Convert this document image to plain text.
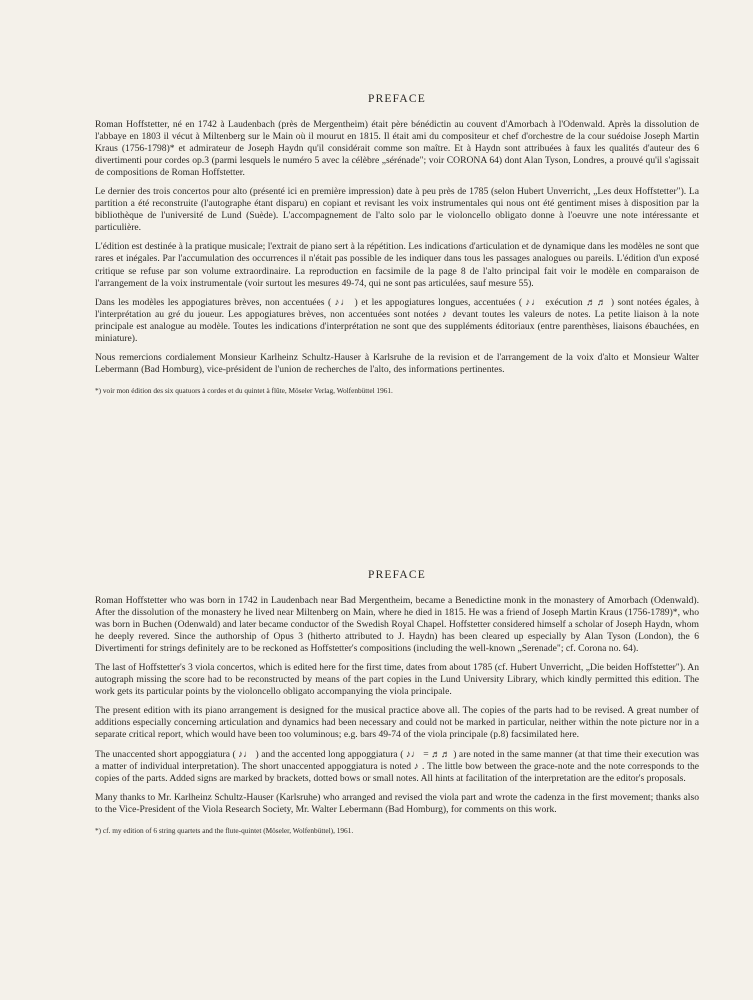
PREFACE

Roman Hoffstetter, né en 1742 à Laudenbach (près de Mergentheim) était père bénédictin au couvent d'Amorbach à l'Odenwald. Après la dissolution de l'abbaye en 1803 il vécut à Miltenberg sur le Main où il mourut en 1815. Il était ami du compositeur et chef d'orchestre de la cour suédoise Joseph Martin Kraus (1756-1798)* et admirateur de Joseph Haydn qu'il considérait comme son maître. Et à Haydn sont attribuées à faux les qualités d'auteur des 6 divertimenti pour cordes op.3 (parmi lesquels le numéro 5 avec la célèbre „sérénade"; voir CORONA 64) dont Alan Tyson, Londres, a prouvé qu'il s'agissait de compositions de Roman Hoffstetter.

Le dernier des trois concertos pour alto (présenté ici en première impression) date à peu près de 1785 (selon Hubert Unverricht, „Les deux Hoffstetter"). La partition a été reconstruite (l'autographe étant disparu) en copiant et revisant les voix instrumentales qui nous ont été gentiment mises à disposition par la bibliothèque de l'université de Lund (Suède). L'accompagnement de l'alto solo par le violoncello obligato donne à l'oeuvre une note intéressante et particulière.

L'édition est destinée à la pratique musicale; l'extrait de piano sert à la répétition. Les indications d'articulation et de dynamique dans les modèles ne sont que rares et inégales. Par l'accumulation des occurrences il n'était pas possible de les indiquer dans tous les passages analogues ou pareils. L'édition d'un exposé critique se refuse par son volume extraordinaire. La reproduction en facsimile de la page 8 de l'alto principal fait voir le modèle en comparaison de l'arrangement de la voix instrumentale (voir surtout les mesures 49-74, qui ne sont pas articulées, sauf mesure 55).

Dans les modèles les appogiatures brèves, non accentuées ( ♪♩ ) et les appogiatures longues, accentuées ( ♪♩ exécution ♬♬ ) sont notées égales, à l'interprétation au gré du joueur. Les appogiatures brèves, non accentuées sont notées ♪ devant toutes les valeurs de notes. La petite liaison à la note principale est analogue au modèle. Toutes les indications d'interprétation ne sont que des suppléments éditoriaux (entre parenthèses, liaisons ébauchées, en miniature).

Nous remercions cordialement Monsieur Karlheinz Schultz-Hauser à Karlsruhe de la revision et de l'arrangement de la voix d'alto et Monsieur Walter Lebermann (Bad Homburg), vice-président de l'union de recherches de l'alto, des informations pertinentes.

*) voir mon édition des six quatuors à cordes et du quintet à flûte, Möseler Verlag, Wolfenbüttel 1961.

PREFACE

Roman Hoffstetter who was born in 1742 in Laudenbach near Bad Mergentheim, became a Benedictine monk in the monastery of Amorbach (Odenwald). After the dissolution of the monastery he lived near Miltenberg on Main, where he died in 1815. He was a friend of Joseph Martin Kraus (1756-1789)*, who was born in Buchen (Odenwald) and later became conductor of the Swedish Royal Chapel. Hoffstetter considered himself a scholar of Joseph Haydn, whom he deeply revered. Since the authorship of Opus 3 (hitherto attributed to J. Haydn) has been cleared up especially by Alan Tyson (London), the 6 Divertimenti for strings definitely are to be reckoned as Hoffstetter's compositions (including the well-known „Serenade"; cf. Corona no. 64).

The last of Hoffstetter's 3 viola concertos, which is edited here for the first time, dates from about 1785 (cf. Hubert Unverricht, „Die beiden Hoffstetter"). An autograph missing the score had to be reconstructed by means of the part copies in the Lund University Library, which kindly permitted this edition. The work gets its particular points by the violoncello obligato accompanying the viola principale.

The present edition with its piano arrangement is designed for the musical practice above all. The copies of the parts had to be revised. A great number of additions especially concerning articulation and dynamics had been necessary and could not be marked in particular, neither within the note picture nor in a separate critical report, which would have been too voluminous; e.g. bars 49-74 of the viola principale (p.8) facsimilated here.

The unaccented short appoggiatura ( ♪♩ ) and the accented long appoggiatura ( ♪♩ = ♬♬ ) are noted in the same manner (at that time their execution was a matter of individual interpretation). The short unaccented appoggiatura is noted ♪ . The little bow between the grace-note and the note corresponds to the copies of the parts. Added signs are marked by brackets, dotted bows or small notes. All hints at facilitation of the interpretation are the editor's proposals.

Many thanks to Mr. Karlheinz Schultz-Hauser (Karlsruhe) who arranged and revised the viola part and wrote the cadenza in the first movement; thanks also to the Vice-President of the Viola Research Society, Mr. Walter Lebermann (Bad Homburg), for comments on this work.

*) cf. my edition of 6 string quartets and the flute-quintet (Möseler, Wolfenbüttel), 1961.
